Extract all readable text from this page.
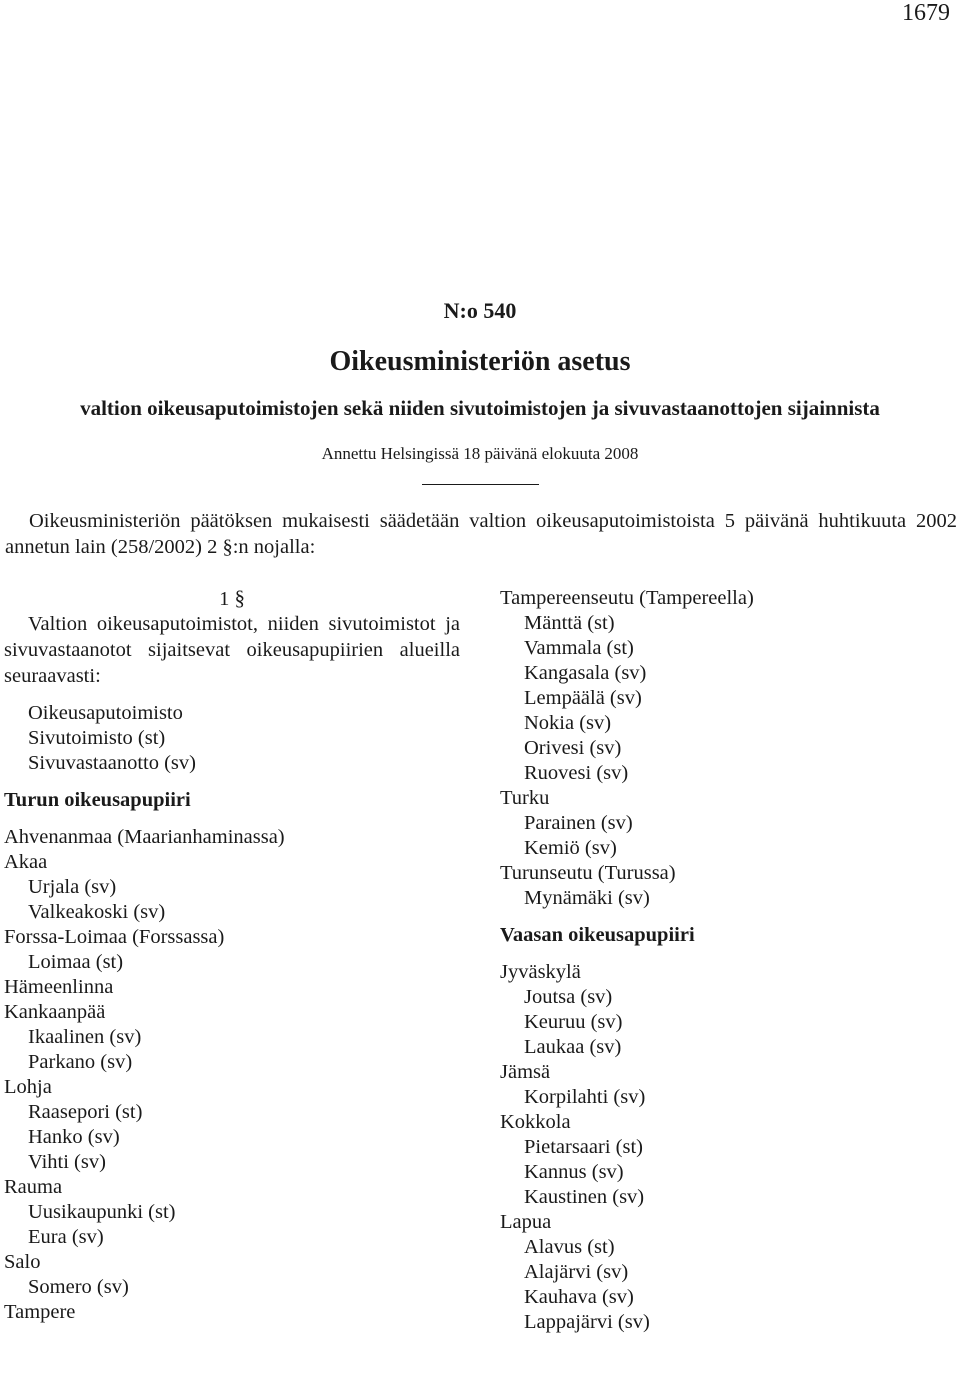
1679
N:o 540
Oikeusministeriön asetus
valtion oikeusaputoimistojen sekä niiden sivutoimistojen ja sivuvastaanottojen sijainnista
Annettu Helsingissä 18 päivänä elokuuta 2008
Oikeusministeriön päätöksen mukaisesti säädetään valtion oikeusaputoimistoista 5 päivänä huhtikuuta 2002 annetun lain (258/2002) 2 §:n nojalla:
1 §
Valtion oikeusaputoimistot, niiden sivutoimistot ja sivuvastaanotot sijaitsevat oikeusapupiirien alueilla seuraavasti:
Oikeusaputoimisto
Sivutoimisto (st)
Sivuvastaanotto (sv)
Turun oikeusapupiiri
Ahvenanmaa (Maarianhaminassa)
Akaa
Urjala (sv)
Valkeakoski (sv)
Forssa-Loimaa (Forssassa)
Loimaa (st)
Hämeenlinna
Kankaanpää
Ikaalinen (sv)
Parkano (sv)
Lohja
Raasepori (st)
Hanko (sv)
Vihti (sv)
Rauma
Uusikaupunki (st)
Eura (sv)
Salo
Somero (sv)
Tampere
Tampereenseutu (Tampereella)
Mänttä (st)
Vammala (st)
Kangasala (sv)
Lempäälä (sv)
Nokia (sv)
Orivesi (sv)
Ruovesi (sv)
Turku
Parainen (sv)
Kemiö (sv)
Turunseutu (Turussa)
Mynämäki (sv)
Vaasan oikeusapupiiri
Jyväskylä
Joutsa (sv)
Keuruu (sv)
Laukaa (sv)
Jämsä
Korpilahti (sv)
Kokkola
Pietarsaari (st)
Kannus (sv)
Kaustinen (sv)
Lapua
Alavus (st)
Alajärvi (sv)
Kauhava (sv)
Lappajärvi (sv)
